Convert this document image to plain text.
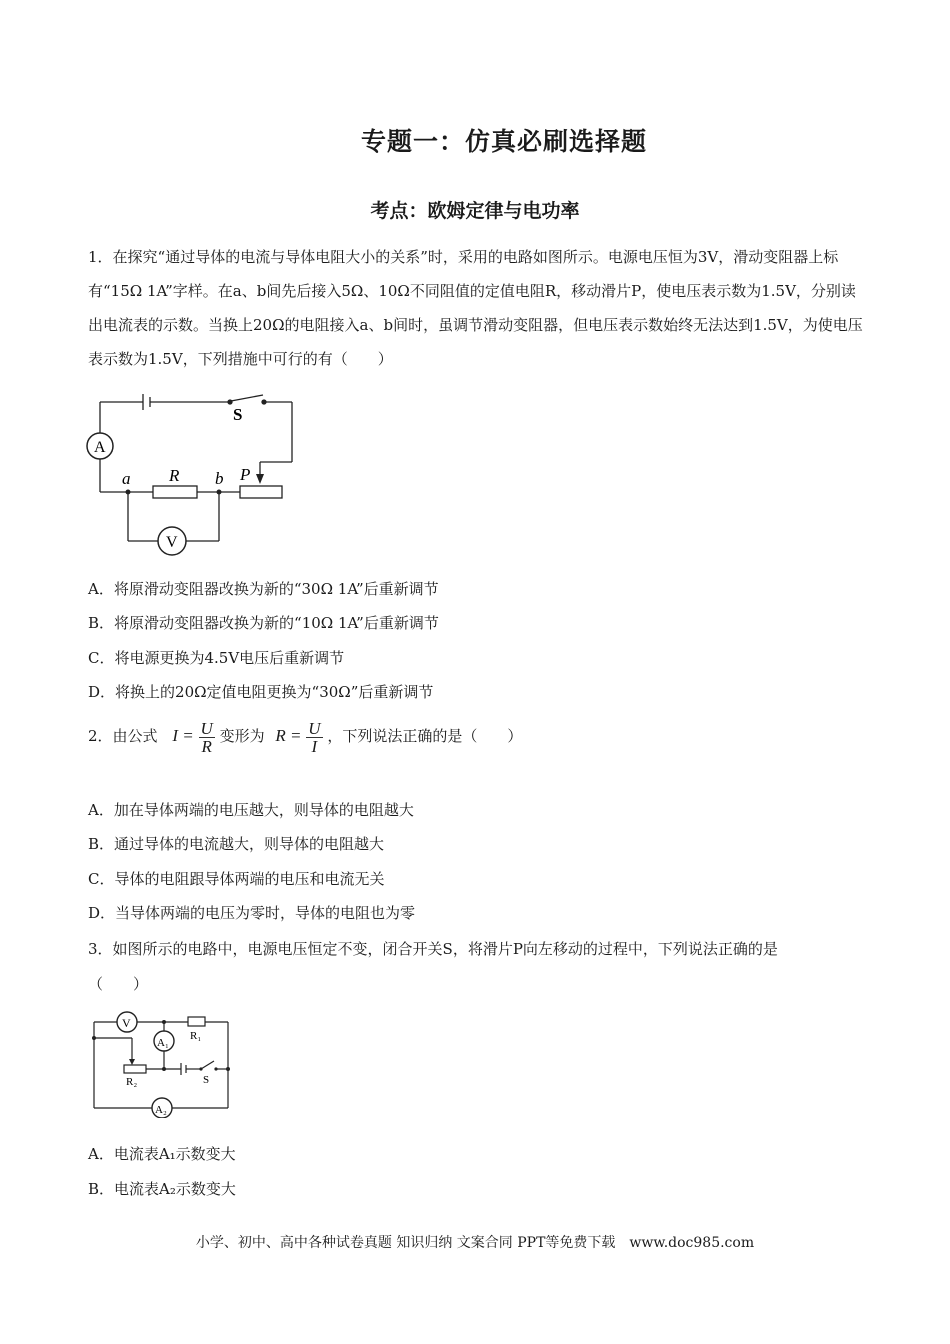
专题一：仿真必刷选择题
考点：欧姆定律与电功率
1．在探究“通过导体的电流与导体电阻大小的关系”时，采用的电路如图所示。电源电压恒为3V，滑动变阻器上标有“15Ω 1A”字样。在a、b间先后接入5Ω、10Ω不同阻值的定值电阻R，移动滑片P，使电压表示数为1.5V，分别读出电流表的示数。当换上20Ω的电阻接入a、b间时，虽调节滑动变阻器，但电压表示数始终无法达到1.5V，为使电压表示数为1.5V，下列措施中可行的有（　　）
S
A
a R b P
V
A．将原滑动变阻器改换为新的“30Ω 1A”后重新调节
B．将原滑动变阻器改换为新的“10Ω 1A”后重新调节
C．将电源更换为4.5V电压后重新调节
D．将换上的20Ω定值电阻更换为“30Ω”后重新调节
2．由公式 $I = \frac{U}{R}$ 变形为 $R = \frac{U}{I}$ ，下列说法正确的是（　　）
A．加在导体两端的电压越大，则导体的电阻越大
B．通过导体的电流越大，则导体的电阻越大
C．导体的电阻跟导体两端的电压和电流无关
D．当导体两端的电压为零时，导体的电阻也为零
3．如图所示的电路中，电源电压恒定不变，闭合开关S，将滑片P向左移动的过程中，下列说法正确的是
（　　）
V
A₁
R₁
R₂	S
A₂
A．电流表A₁示数变大
B．电流表A₂示数变大
小学、初中、高中各种试卷真题 知识归纳 文案合同 PPT等免费下载　www.doc985.com
